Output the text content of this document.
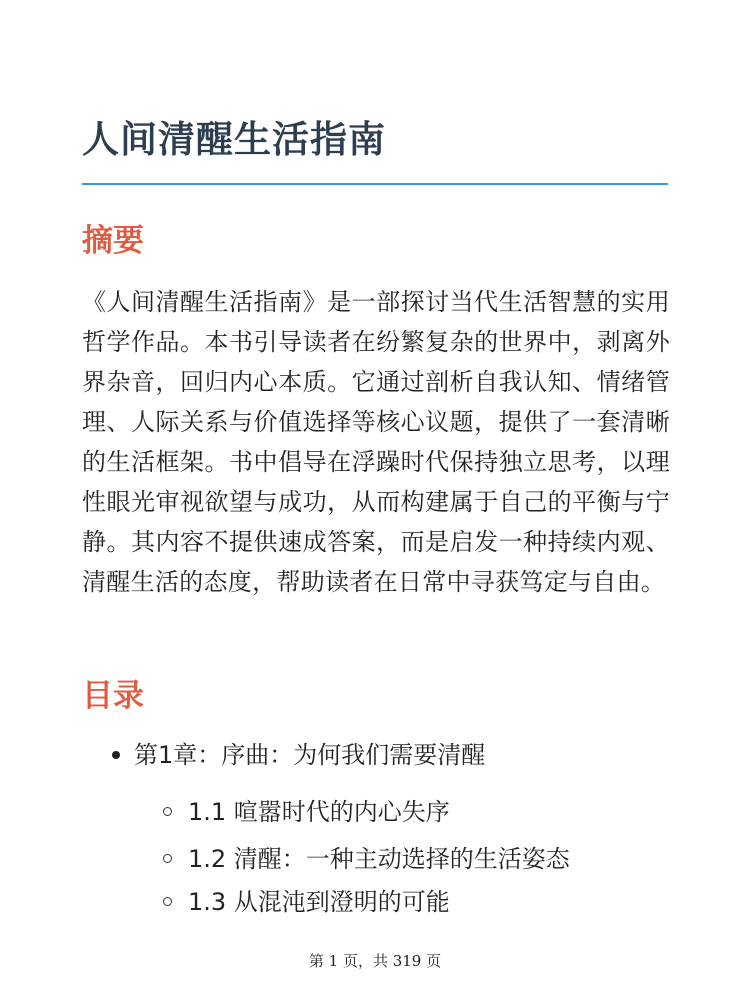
人间清醒生活指南
摘要

《人间清醒生活指南》是一部探讨当代生活智慧的实用哲学作品。本书引导读者在纷繁复杂的世界中，剥离外界杂音，回归内心本质。它通过剖析自我认知、情绪管理、人际关系与价值选择等核心议题，提供了一套清晰的生活框架。书中倡导在浮躁时代保持独立思考，以理性眼光审视欲望与成功，从而构建属于自己的平衡与宁静。其内容不提供速成答案，而是启发一种持续内观、清醒生活的态度，帮助读者在日常中寻获笃定与自由。

目录
第1章：序曲：为何我们需要清醒
1.1 喧嚣时代的内心失序
1.2 清醒：一种主动选择的生活姿态
1.3 从混沌到澄明的可能
第 1 页，共 319 页
